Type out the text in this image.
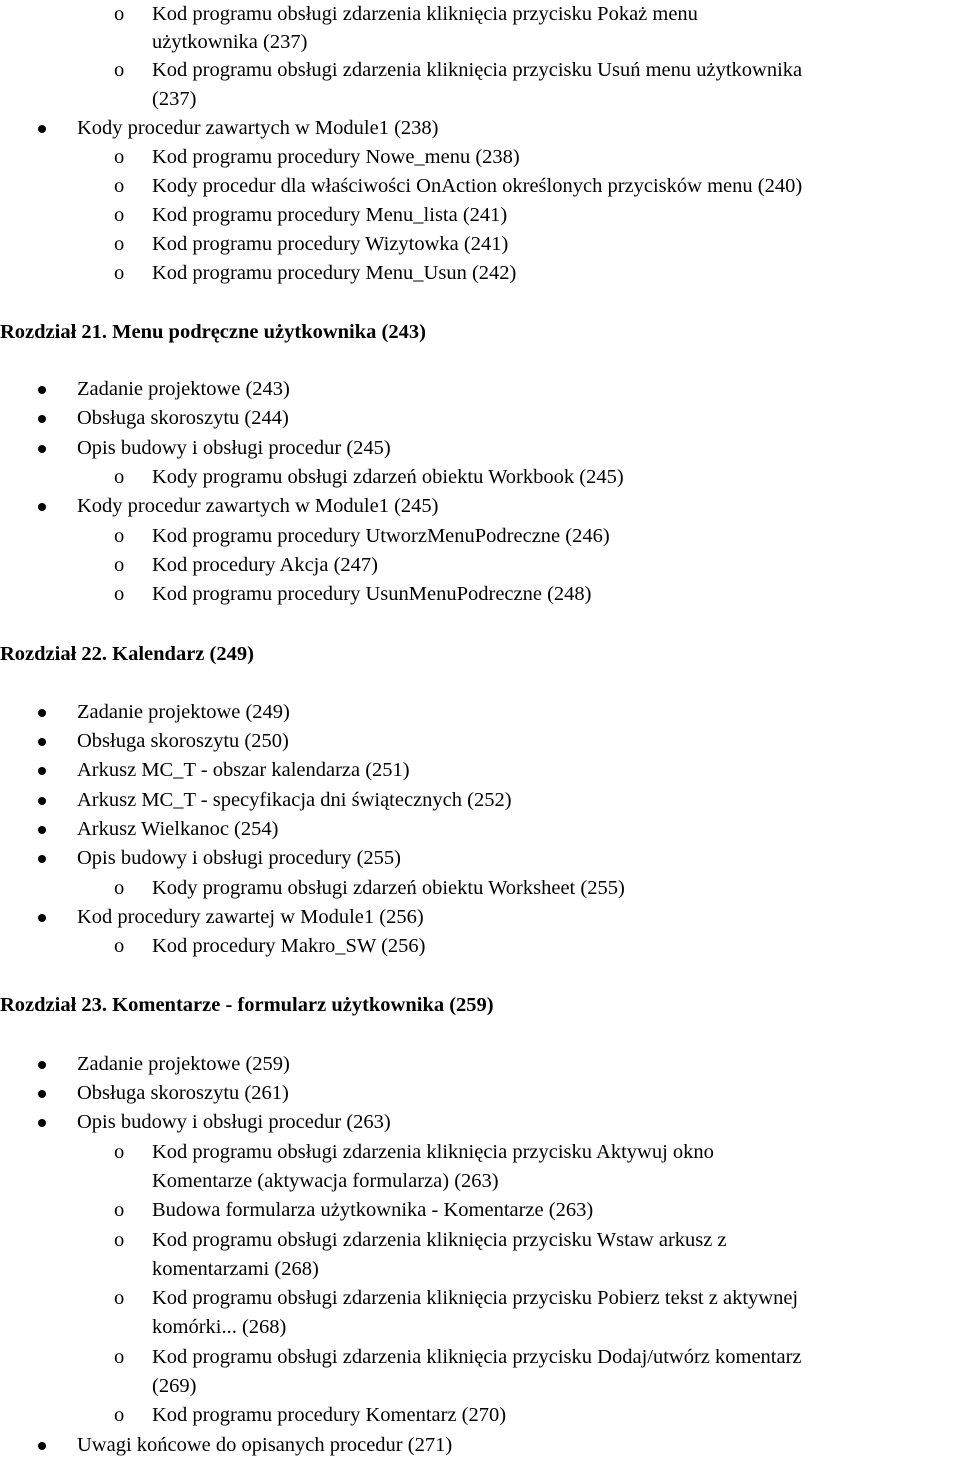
o Kod programu obsługi zdarzenia kliknięcia przycisku Pokaż menu
użytkownika (237)
o Kod programu obsługi zdarzenia kliknięcia przycisku Usuń menu użytkownika
(237)
Kody procedur zawartych w Module1 (238)
o Kod programu procedury Nowe_menu (238)
o Kody procedur dla właściwości OnAction określonych przycisków menu (240)
o Kod programu procedury Menu_lista (241)
o Kod programu procedury Wizytowka (241)
o Kod programu procedury Menu_Usun (242)
Rozdział 21. Menu podręczne użytkownika (243)
Zadanie projektowe (243)
Obsługa skoroszytu (244)
Opis budowy i obsługi procedur (245)
o Kody programu obsługi zdarzeń obiektu Workbook (245)
Kody procedur zawartych w Module1 (245)
o Kod programu procedury UtworzMenuPodreczne (246)
o Kod procedury Akcja (247)
o Kod programu procedury UsunMenuPodreczne (248)
Rozdział 22. Kalendarz (249)
Zadanie projektowe (249)
Obsługa skoroszytu (250)
Arkusz MC_T - obszar kalendarza (251)
Arkusz MC_T - specyfikacja dni świątecznych (252)
Arkusz Wielkanoc (254)
Opis budowy i obsługi procedury (255)
o Kody programu obsługi zdarzeń obiektu Worksheet (255)
Kod procedury zawartej w Module1 (256)
o Kod procedury Makro_SW (256)
Rozdział 23. Komentarze - formularz użytkownika (259)
Zadanie projektowe (259)
Obsługa skoroszytu (261)
Opis budowy i obsługi procedur (263)
o Kod programu obsługi zdarzenia kliknięcia przycisku Aktywuj okno
Komentarze (aktywacja formularza) (263)
o Budowa formularza użytkownika - Komentarze (263)
o Kod programu obsługi zdarzenia kliknięcia przycisku Wstaw arkusz z
komentarzami (268)
o Kod programu obsługi zdarzenia kliknięcia przycisku Pobierz tekst z aktywnej
komórki... (268)
o Kod programu obsługi zdarzenia kliknięcia przycisku Dodaj/utwórz komentarz
(269)
o Kod programu procedury Komentarz (270)
Uwagi końcowe do opisanych procedur (271)
